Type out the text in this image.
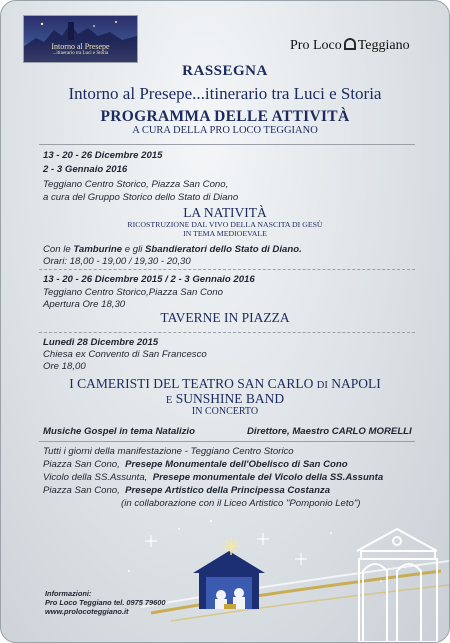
Intorno al Presepe
...itinerario tra Luci e Storia
Pro Loco Teggiano
RASSEGNA
Intorno al Presepe...itinerario tra Luci e Storia
PROGRAMMA DELLE ATTIVITÀ
A CURA DELLA PRO LOCO TEGGIANO
13 - 20 - 26 Dicembre 2015
2 - 3 Gennaio 2016
Teggiano Centro Storico, Piazza San Cono,
a cura del Gruppo Storico dello Stato di Diano
LA NATIVITÀ
RICOSTRUZIONE DAL VIVO DELLA NASCITA DI GESÙ
IN TEMA MEDIOEVALE
Con le Tamburine e gli Sbandieratori dello Stato di Diano.
Orari: 18,00 - 19,00 / 19,30 - 20,30
13 - 20 - 26 Dicembre 2015 / 2 - 3 Gennaio 2016
Teggiano Centro Storico,Piazza San Cono
Apertura Ore 18,30
TAVERNE IN PIAZZA
Lunedì 28 Dicembre 2015
Chiesa ex Convento di San Francesco
Ore 18,00
I CAMERISTI DEL TEATRO SAN CARLO DI NAPOLI
E SUNSHINE BAND
IN CONCERTO
Musiche Gospel in tema Natalizio	Direttore, Maestro CARLO MORELLI
Tutti i giorni della manifestazione - Teggiano Centro Storico
Piazza San Cono, Presepe Monumentale dell'Obelisco di San Cono
Vicolo della SS.Assunta, Presepe monumentale del Vicolo della SS.Assunta
Piazza San Cono, Presepe Artistico della Principessa Costanza
(in collaborazione con il Liceo Artistico "Pomponio Leto")
Informazioni:
Pro Loco Teggiano tel. 0975 79600
www.prolocoteggiano.it
